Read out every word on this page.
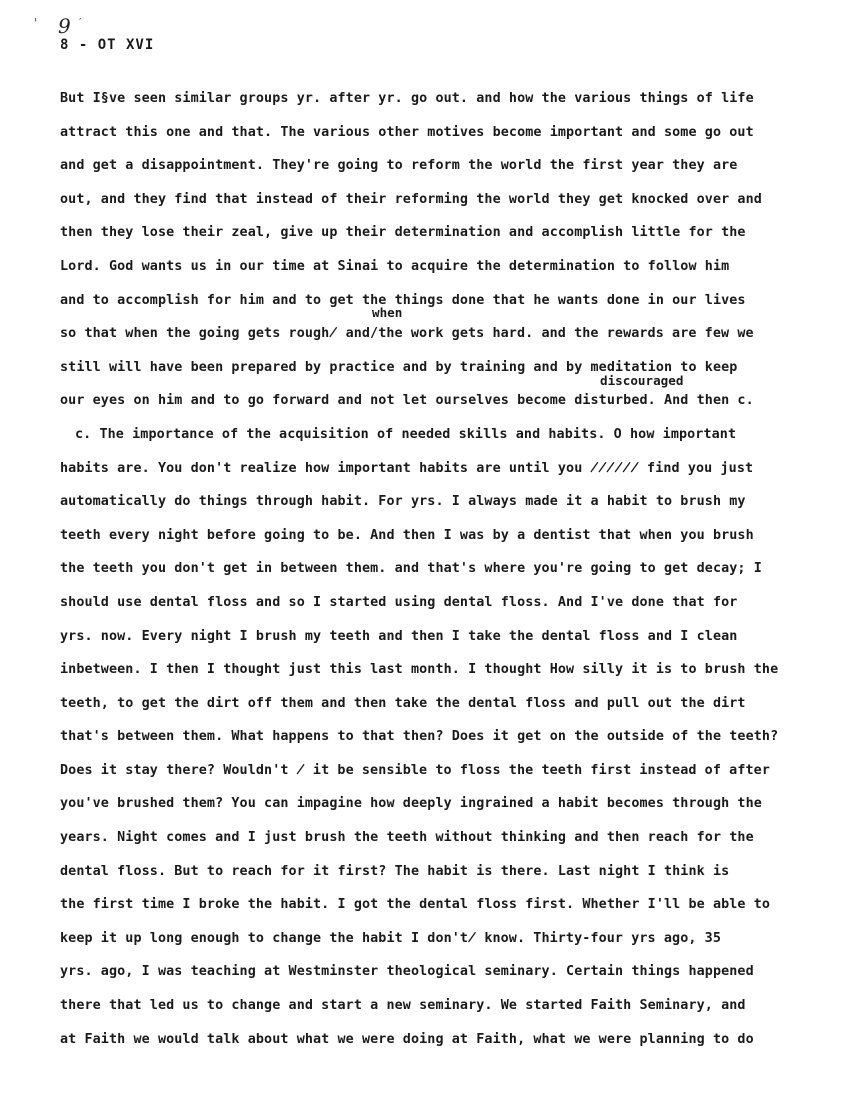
' 9 ′
8 - OT XVI
when
discouraged
But I§ve seen similar groups yr. after yr. go out. and how the various things of life
attract this one and that. The various other motives become important and some go out
and get a disappointment. They're going to reform the world the first year they are
out, and they find that instead of their reforming the world they get knocked over and
then they lose their zeal, give up their determination and accomplish little for the
Lord. God wants us in our time at Sinai to acquire the determination to follow him
and to accomplish for him and to get the things done that he wants done in our lives
so that when the going gets rough̸ and/the work gets hard. and the rewards are few we
still will have been prepared by practice and by training and by meditation to keep
our eyes on him and to go forward and not let ourselves become disturbed. And then c.
c. The importance of the acquisition of needed skills and habits. O how important
habits are. You don't realize how important habits are until you ̸̸̸̸̸̸ find you just
automatically do things through habit. For yrs. I always made it a habit to brush my
teeth every night before going to be. And then I was by a dentist that when you brush
the teeth you don't get in between them. and that's where you're going to get decay; I
should use dental floss and so I started using dental floss. And I've done that for
yrs. now. Every night I brush my teeth and then I take the dental floss and I clean
inbetween. I then I thought just this last month. I thought How silly it is to brush the
teeth, to get the dirt off them and then take the dental floss and pull out the dirt
that's between them. What happens to that then? Does it get on the outside of the teeth?
Does it stay there? Wouldn't ̸ it be sensible to floss the teeth first instead of after
you've brushed them? You can impagine how deeply ingrained a habit becomes through the
years. Night comes and I just brush the teeth without thinking and then reach for the
dental floss. But to reach for it first? The habit is there. Last night I think is
the first time I broke the habit. I got the dental floss first. Whether I'll be able to
keep it up long enough to change the habit I don't̸ know. Thirty-four yrs ago, 35
yrs. ago, I was teaching at Westminster theological seminary. Certain things happened
there that led us to change and start a new seminary. We started Faith Seminary, and
at Faith we would talk about what we were doing at Faith, what we were planning to do
